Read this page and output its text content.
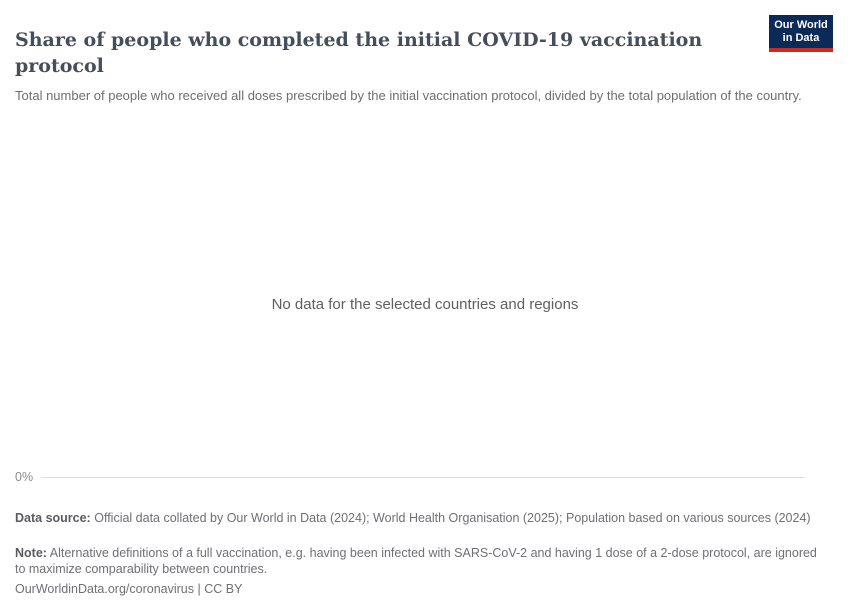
Share of people who completed the initial COVID-19 vaccination protocol

Total number of people who received all doses prescribed by the initial vaccination protocol, divided by the total population of the country.

Our World
in Data
No data for the selected countries and regions
0%

Data source: Official data collated by Our World in Data (2024); World Health Organisation (2025); Population based on various sources (2024)

Note: Alternative definitions of a full vaccination, e.g. having been infected with SARS-CoV-2 and having 1 dose of a 2-dose protocol, are ignored to maximize comparability between countries.

OurWorldinData.org/coronavirus | CC BY
